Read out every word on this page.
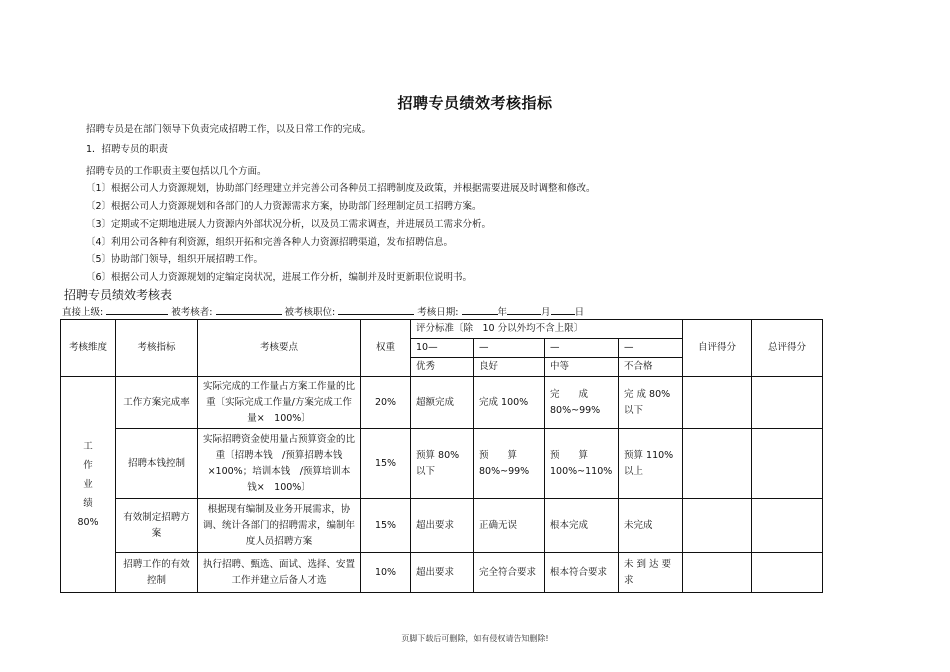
招聘专员绩效考核指标
招聘专员是在部门领导下负责完成招聘工作，以及日常工作的完成。
1．招聘专员的职责
招聘专员的工作职责主要包括以几个方面。
〔1〕根据公司人力资源规划，协助部门经理建立并完善公司各种员工招聘制度及政策，并根据需要进展及时调整和修改。
〔2〕根据公司人力资源规划和各部门的人力资源需求方案，协助部门经理制定员工招聘方案。
〔3〕定期或不定期地进展人力资源内外部状况分析，以及员工需求调查，并进展员工需求分析。
〔4〕利用公司各种有利资源，组织开拓和完善各种人力资源招聘渠道，发布招聘信息。
〔5〕协助部门领导，组织开展招聘工作。
〔6〕根据公司人力资源规划的定编定岗状况，进展工作分析，编制并及时更新职位说明书。
招聘专员绩效考核表
直接上级:	被考核者:	被考核职位:	考核日期:	年	月	日
考核维度	考核指标	考核要点	权重	评分标准〔除　10 分以外均不含上限〕				自评得分	总评得分
				10—	—	—	—		
				优秀	良好	中等	不合格		

工
作
业
绩
80%	工作方案完成率	实际完成的工作量占方案工作量的比重〔实际完成工作量/方案完成工作量×　100%〕	20%	超额完成	完成 100%	完　　成 80%~99%	完 成 80% 以下		
	招聘本钱控制	实际招聘资金使用量占预算资金的比重〔招聘本钱　/预算招聘本钱×100%；培训本钱　/预算培训本钱×　100%〕	15%	预算 80% 以下	预　　算 80%~99%	预　　算 100%~110%	预算 110% 以上		
	有效制定招聘方案	根据现有编制及业务开展需求，协调、统计各部门的招聘需求，编制年度人员招聘方案	15%	超出要求	正确无误	根本完成	未完成		
	招聘工作的有效控制	执行招聘、甄选、面试、选择、安置工作并建立后备人才选	10%	超出要求	完全符合要求	根本符合要求	未 到 达 要求		
页脚下载后可删除，如有侵权请告知删除!
